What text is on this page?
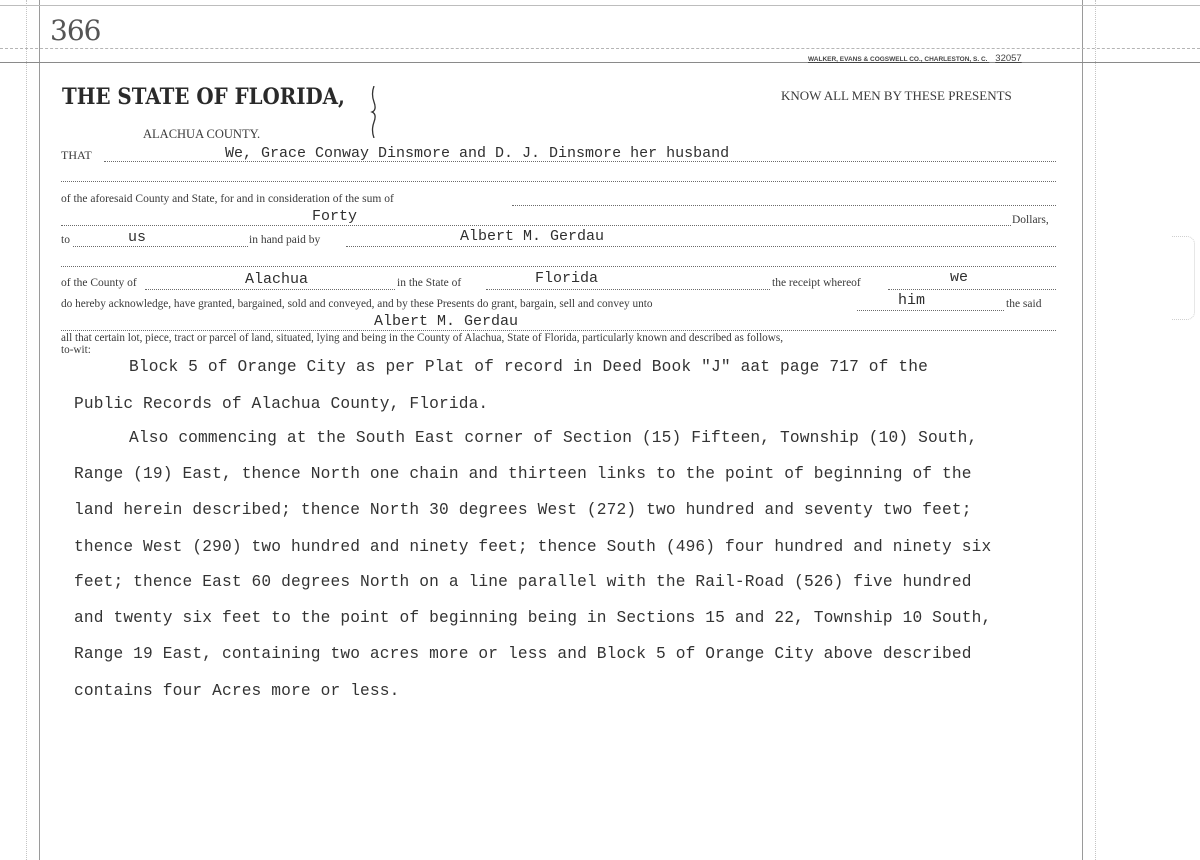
366
WALKER, EVANS & COGSWELL CO., CHARLESTON, S. C. 32057
THE STATE OF FLORIDA,
ALACHUA COUNTY.
KNOW ALL MEN BY THESE PRESENTS
THAT	We, Grace Conway Dinsmore and D. J. Dinsmore her husband
of the aforesaid County and State, for and in consideration of the sum of
Forty	Dollars,
to	us	in hand paid by	Albert M. Gerdau
of the County of	Alachua	in the State of	Florida	the receipt whereof	we
do hereby acknowledge, have granted, bargained, sold and conveyed, and by these Presents do grant, bargain, sell and convey unto	him	the said
Albert M. Gerdau
all that certain lot, piece, tract or parcel of land, situated, lying and being in the County of Alachua, State of Florida, particularly known and described as follows,
to-wit:
Block 5 of Orange City as per Plat of record in Deed Book "J" aat page 717 of the
Public Records of Alachua County, Florida.
Also commencing at the South East corner of Section (15) Fifteen, Township (10) South,
Range (19) East, thence North one chain and thirteen links to the point of beginning of the
land herein described; thence North 30 degrees West (272) two hundred and seventy two feet;
thence West (290) two hundred and ninety feet; thence South (496) four hundred and ninety six
feet; thence East 60 degrees North on a line parallel with the Rail-Road (526) five hundred
and twenty six feet to the point of beginning being in Sections 15 and 22, Township 10 South,
Range 19 East, containing two acres more or less and Block 5 of Orange City above described
contains four Acres more or less.
